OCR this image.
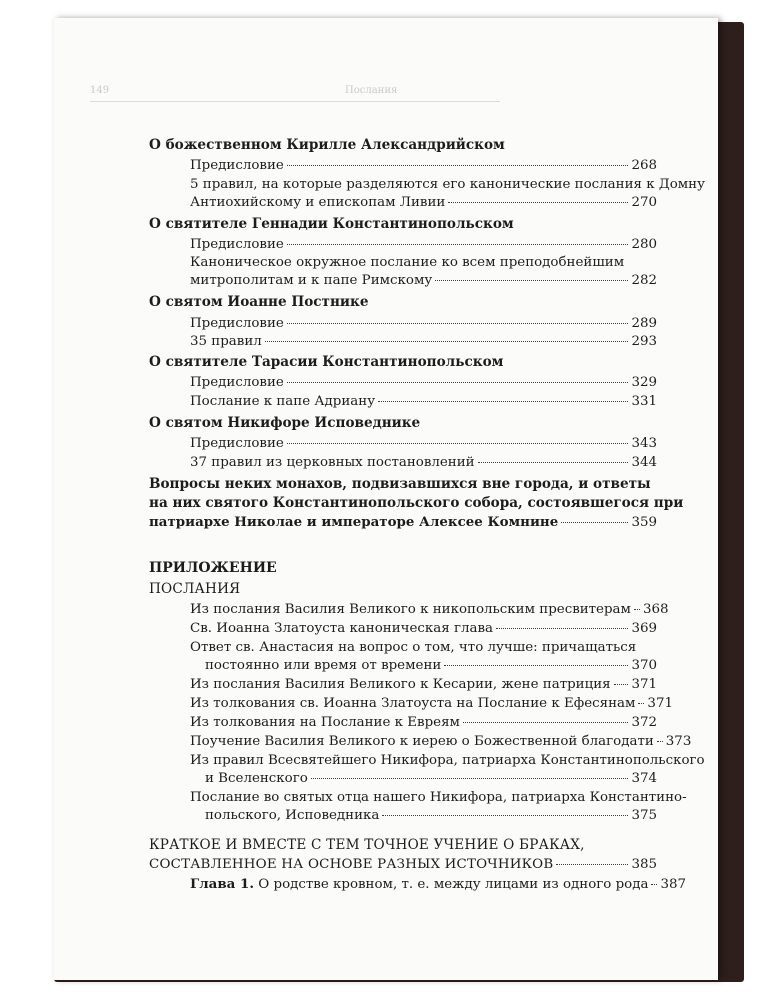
149	Послания
О божественном Кирилле Александрийском
Предисловие	268
5 правил, на которые разделяются его канонические послания к Домну
Антиохийскому и епископам Ливии	270
О святителе Геннадии Константинопольском
Предисловие	280
Каноническое окружное послание ко всем преподобнейшим
митрополитам и к папе Римскому	282
О святом Иоанне Постнике
Предисловие	289
35 правил	293
О святителе Тарасии Константинопольском
Предисловие	329
Послание к папе Адриану	331
О святом Никифоре Исповеднике
Предисловие	343
37 правил из церковных постановлений	344
Вопросы неких монахов, подвизавшихся вне города, и ответы
на них святого Константинопольского собора, состоявшегося при
патриархе Николае и императоре Алексее Комнине	359
ПРИЛОЖЕНИЕ
ПОСЛАНИЯ
Из послания Василия Великого к никопольским пресвитерам 368
Св. Иоанна Златоуста каноническая глава	369
Ответ св. Анастасия на вопрос о том, что лучше: причащаться
постоянно или время от времени	370
Из послания Василия Великого к Кесарии, жене патриция 371
Из толкования св. Иоанна Златоуста на Послание к Ефесянам 371
Из толкования на Послание к Евреям	372
Поучение Василия Великого к иерею о Божественной благодати 373
Из правил Всесвятейшего Никифора, патриарха Константинопольского
и Вселенского	374
Послание во святых отца нашего Никифора, патриарха Константино-
польского, Исповедника	375
КРАТКОЕ И ВМЕСТЕ С ТЕМ ТОЧНОЕ УЧЕНИЕ О БРАКАХ,
СОСТАВЛЕННОЕ НА ОСНОВЕ РАЗНЫХ ИСТОЧНИКОВ	385
Глава 1. О родстве кровном, т. е. между лицами из одного рода 387
